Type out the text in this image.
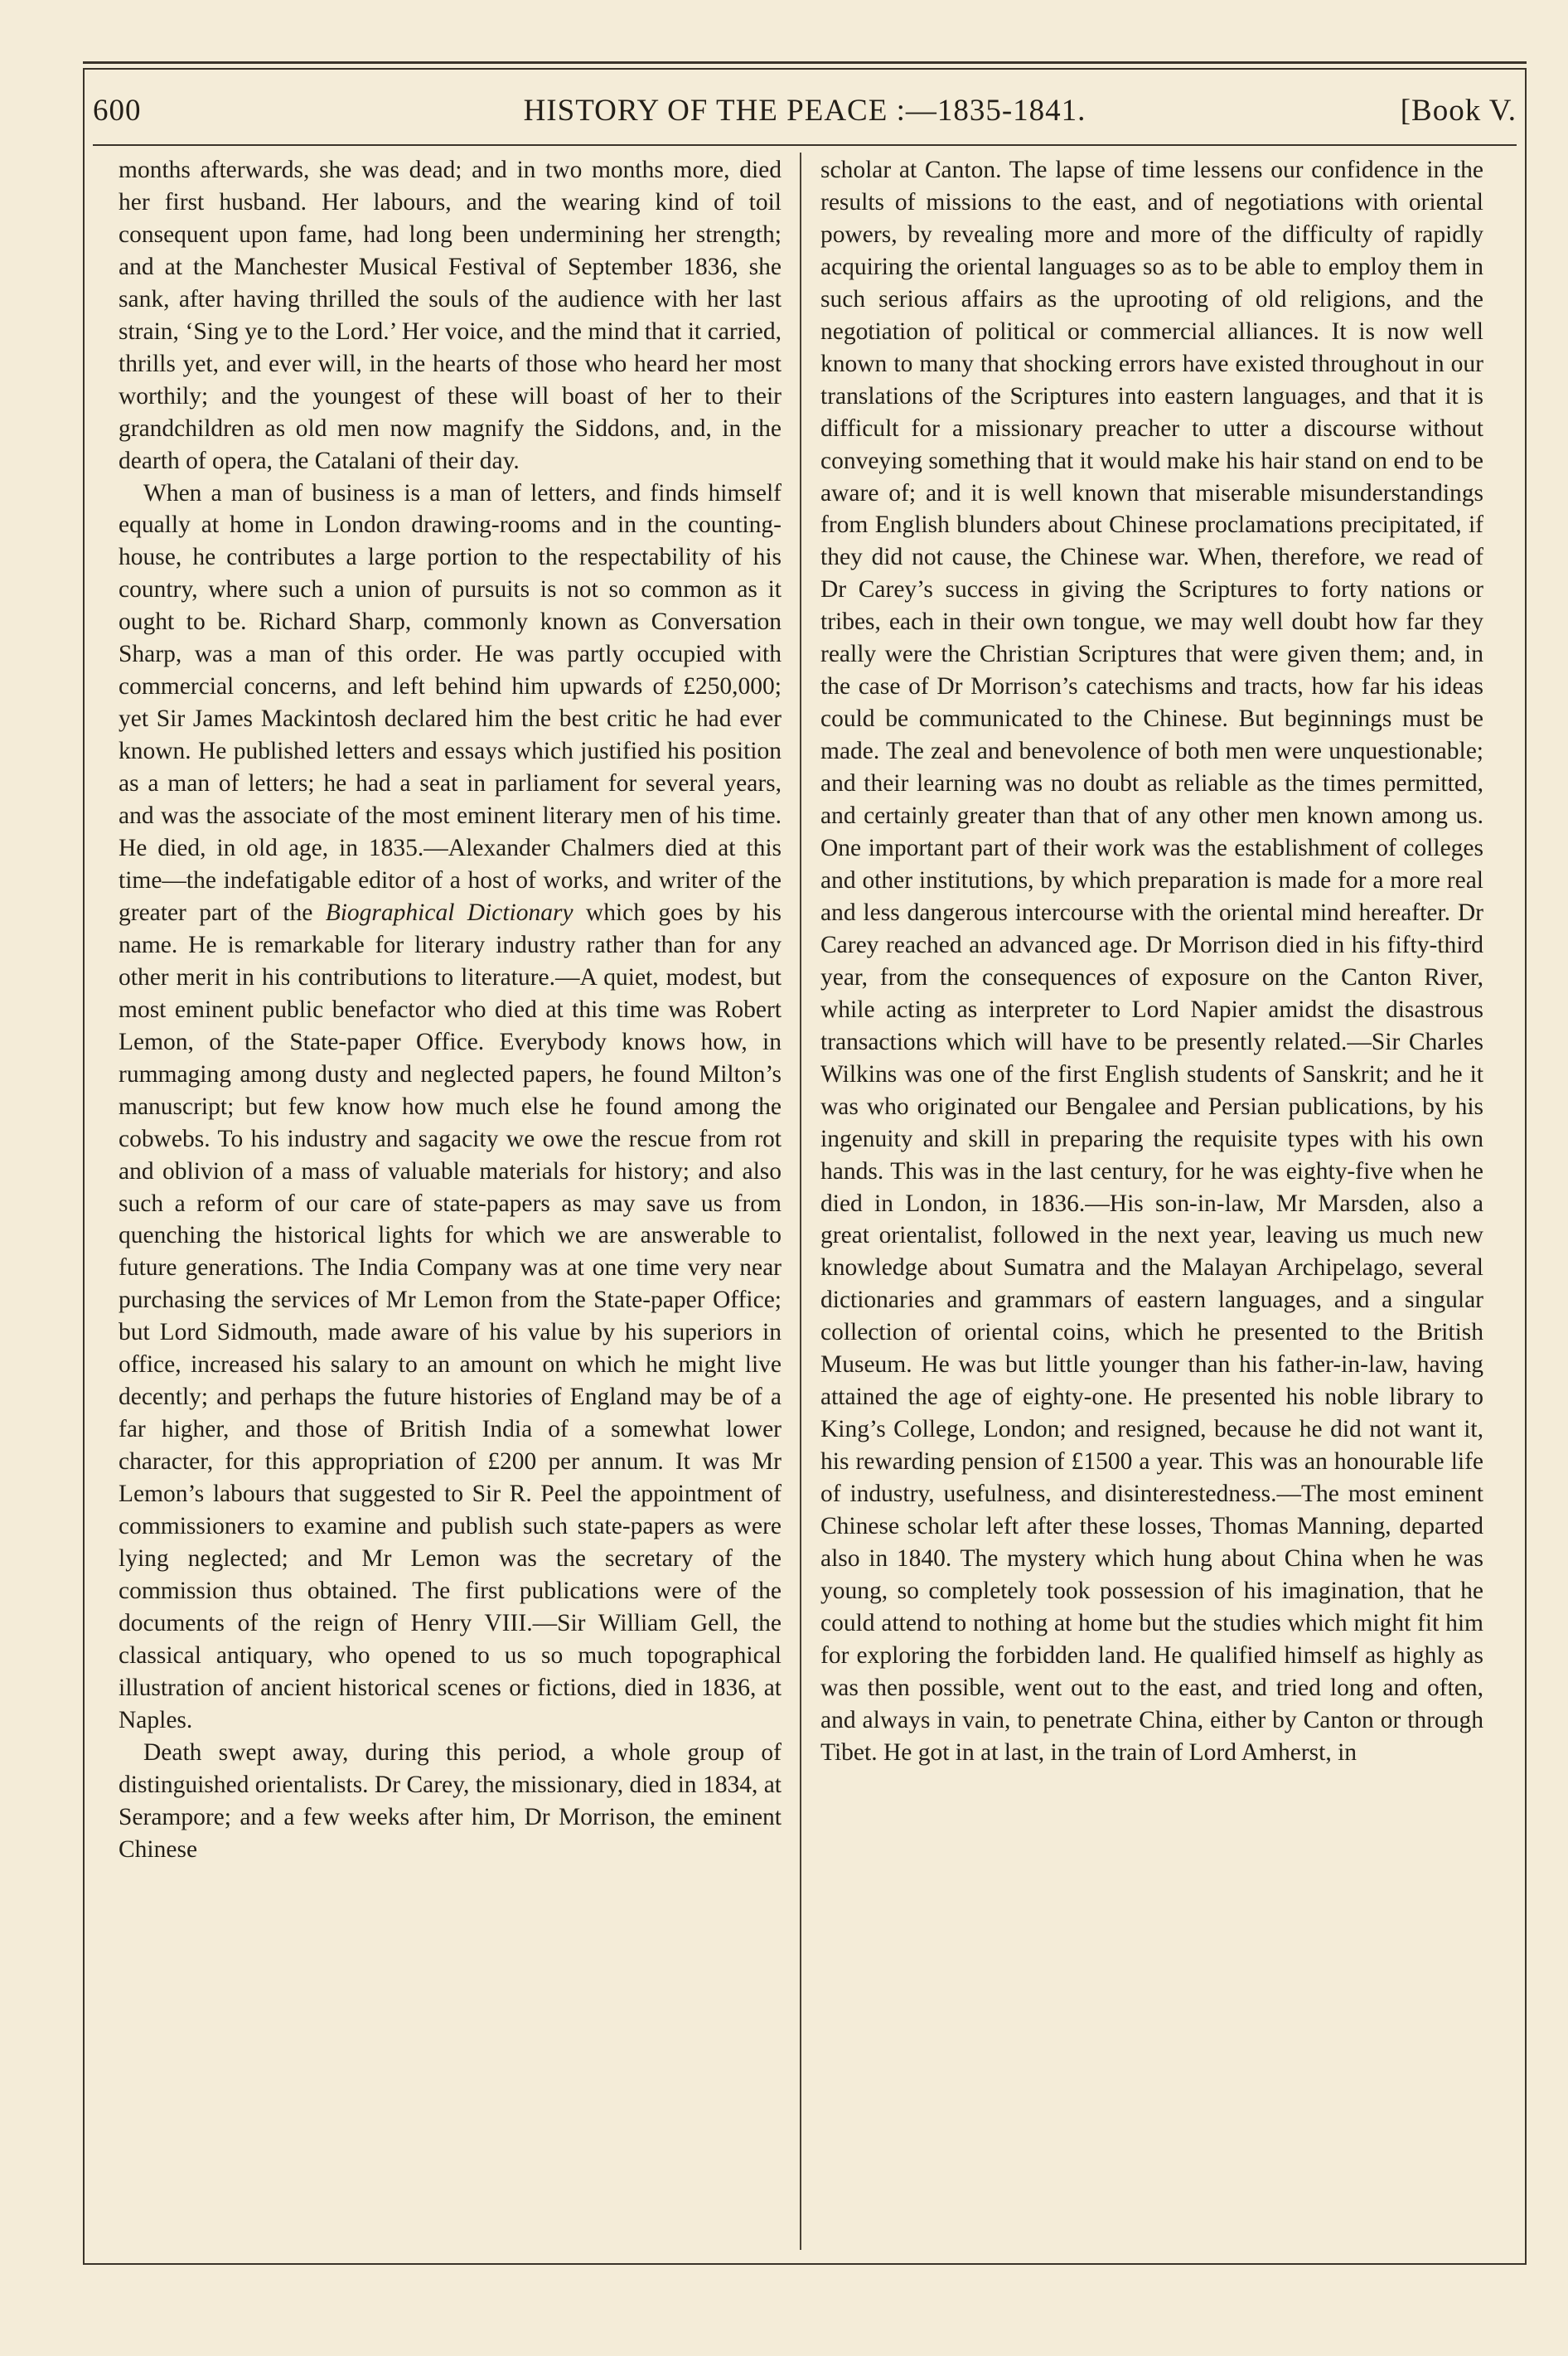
HISTORY OF THE PEACE :—1835-1841.
600	[Book V.

months afterwards, she was dead; and in two months more, died her first husband. Her labours, and the wearing kind of toil consequent upon fame, had long been undermining her strength; and at the Manchester Musical Festival of September 1836, she sank, after having thrilled the souls of the audience with her last strain, ‘Sing ye to the Lord.’ Her voice, and the mind that it carried, thrills yet, and ever will, in the hearts of those who heard her most worthily; and the youngest of these will boast of her to their grandchildren as old men now magnify the Siddons, and, in the dearth of opera, the Catalani of their day.

When a man of business is a man of letters, and finds himself equally at home in London drawing-rooms and in the counting-house, he contributes a large portion to the respectability of his country, where such a union of pursuits is not so common as it ought to be. Richard Sharp, commonly known as Conversation Sharp, was a man of this order. He was partly occupied with commercial concerns, and left behind him upwards of £250,000; yet Sir James Mackintosh declared him the best critic he had ever known. He published letters and essays which justified his position as a man of letters; he had a seat in parliament for several years, and was the associate of the most eminent literary men of his time. He died, in old age, in 1835.—Alexander Chalmers died at this time—the indefatigable editor of a host of works, and writer of the greater part of the Biographical Dictionary which goes by his name. He is remarkable for literary industry rather than for any other merit in his contributions to literature.—A quiet, modest, but most eminent public benefactor who died at this time was Robert Lemon, of the State-paper Office. Everybody knows how, in rummaging among dusty and neglected papers, he found Milton’s manuscript; but few know how much else he found among the cobwebs. To his industry and sagacity we owe the rescue from rot and oblivion of a mass of valuable materials for history; and also such a reform of our care of state-papers as may save us from quenching the historical lights for which we are answerable to future generations. The India Company was at one time very near purchasing the services of Mr Lemon from the State-paper Office; but Lord Sidmouth, made aware of his value by his superiors in office, increased his salary to an amount on which he might live decently; and perhaps the future histories of England may be of a far higher, and those of British India of a somewhat lower character, for this appropriation of £200 per annum. It was Mr Lemon’s labours that suggested to Sir R. Peel the appointment of commissioners to examine and publish such state-papers as were lying neglected; and Mr Lemon was the secretary of the commission thus obtained. The first publications were of the documents of the reign of Henry VIII.—Sir William Gell, the classical antiquary, who opened to us so much topographical illustration of ancient historical scenes or fictions, died in 1836, at Naples.

Death swept away, during this period, a whole group of distinguished orientalists. Dr Carey, the missionary, died in 1834, at Serampore; and a few weeks after him, Dr Morrison, the eminent Chinese

scholar at Canton. The lapse of time lessens our confidence in the results of missions to the east, and of negotiations with oriental powers, by revealing more and more of the difficulty of rapidly acquiring the oriental languages so as to be able to employ them in such serious affairs as the uprooting of old religions, and the negotiation of political or commercial alliances. It is now well known to many that shocking errors have existed throughout in our translations of the Scriptures into eastern languages, and that it is difficult for a missionary preacher to utter a discourse without conveying something that it would make his hair stand on end to be aware of; and it is well known that miserable misunderstandings from English blunders about Chinese proclamations precipitated, if they did not cause, the Chinese war. When, therefore, we read of Dr Carey’s success in giving the Scriptures to forty nations or tribes, each in their own tongue, we may well doubt how far they really were the Christian Scriptures that were given them; and, in the case of Dr Morrison’s catechisms and tracts, how far his ideas could be communicated to the Chinese. But beginnings must be made. The zeal and benevolence of both men were unquestionable; and their learning was no doubt as reliable as the times permitted, and certainly greater than that of any other men known among us. One important part of their work was the establishment of colleges and other institutions, by which preparation is made for a more real and less dangerous intercourse with the oriental mind hereafter. Dr Carey reached an advanced age. Dr Morrison died in his fifty-third year, from the consequences of exposure on the Canton River, while acting as interpreter to Lord Napier amidst the disastrous transactions which will have to be presently related.—Sir Charles Wilkins was one of the first English students of Sanskrit; and he it was who originated our Bengalee and Persian publications, by his ingenuity and skill in preparing the requisite types with his own hands. This was in the last century, for he was eighty-five when he died in London, in 1836.—His son-in-law, Mr Marsden, also a great orientalist, followed in the next year, leaving us much new knowledge about Sumatra and the Malayan Archipelago, several dictionaries and grammars of eastern languages, and a singular collection of oriental coins, which he presented to the British Museum. He was but little younger than his father-in-law, having attained the age of eighty-one. He presented his noble library to King’s College, London; and resigned, because he did not want it, his rewarding pension of £1500 a year. This was an honourable life of industry, usefulness, and disinterestedness.—The most eminent Chinese scholar left after these losses, Thomas Manning, departed also in 1840. The mystery which hung about China when he was young, so completely took possession of his imagination, that he could attend to nothing at home but the studies which might fit him for exploring the forbidden land. He qualified himself as highly as was then possible, went out to the east, and tried long and often, and always in vain, to penetrate China, either by Canton or through Tibet. He got in at last, in the train of Lord Amherst, in
